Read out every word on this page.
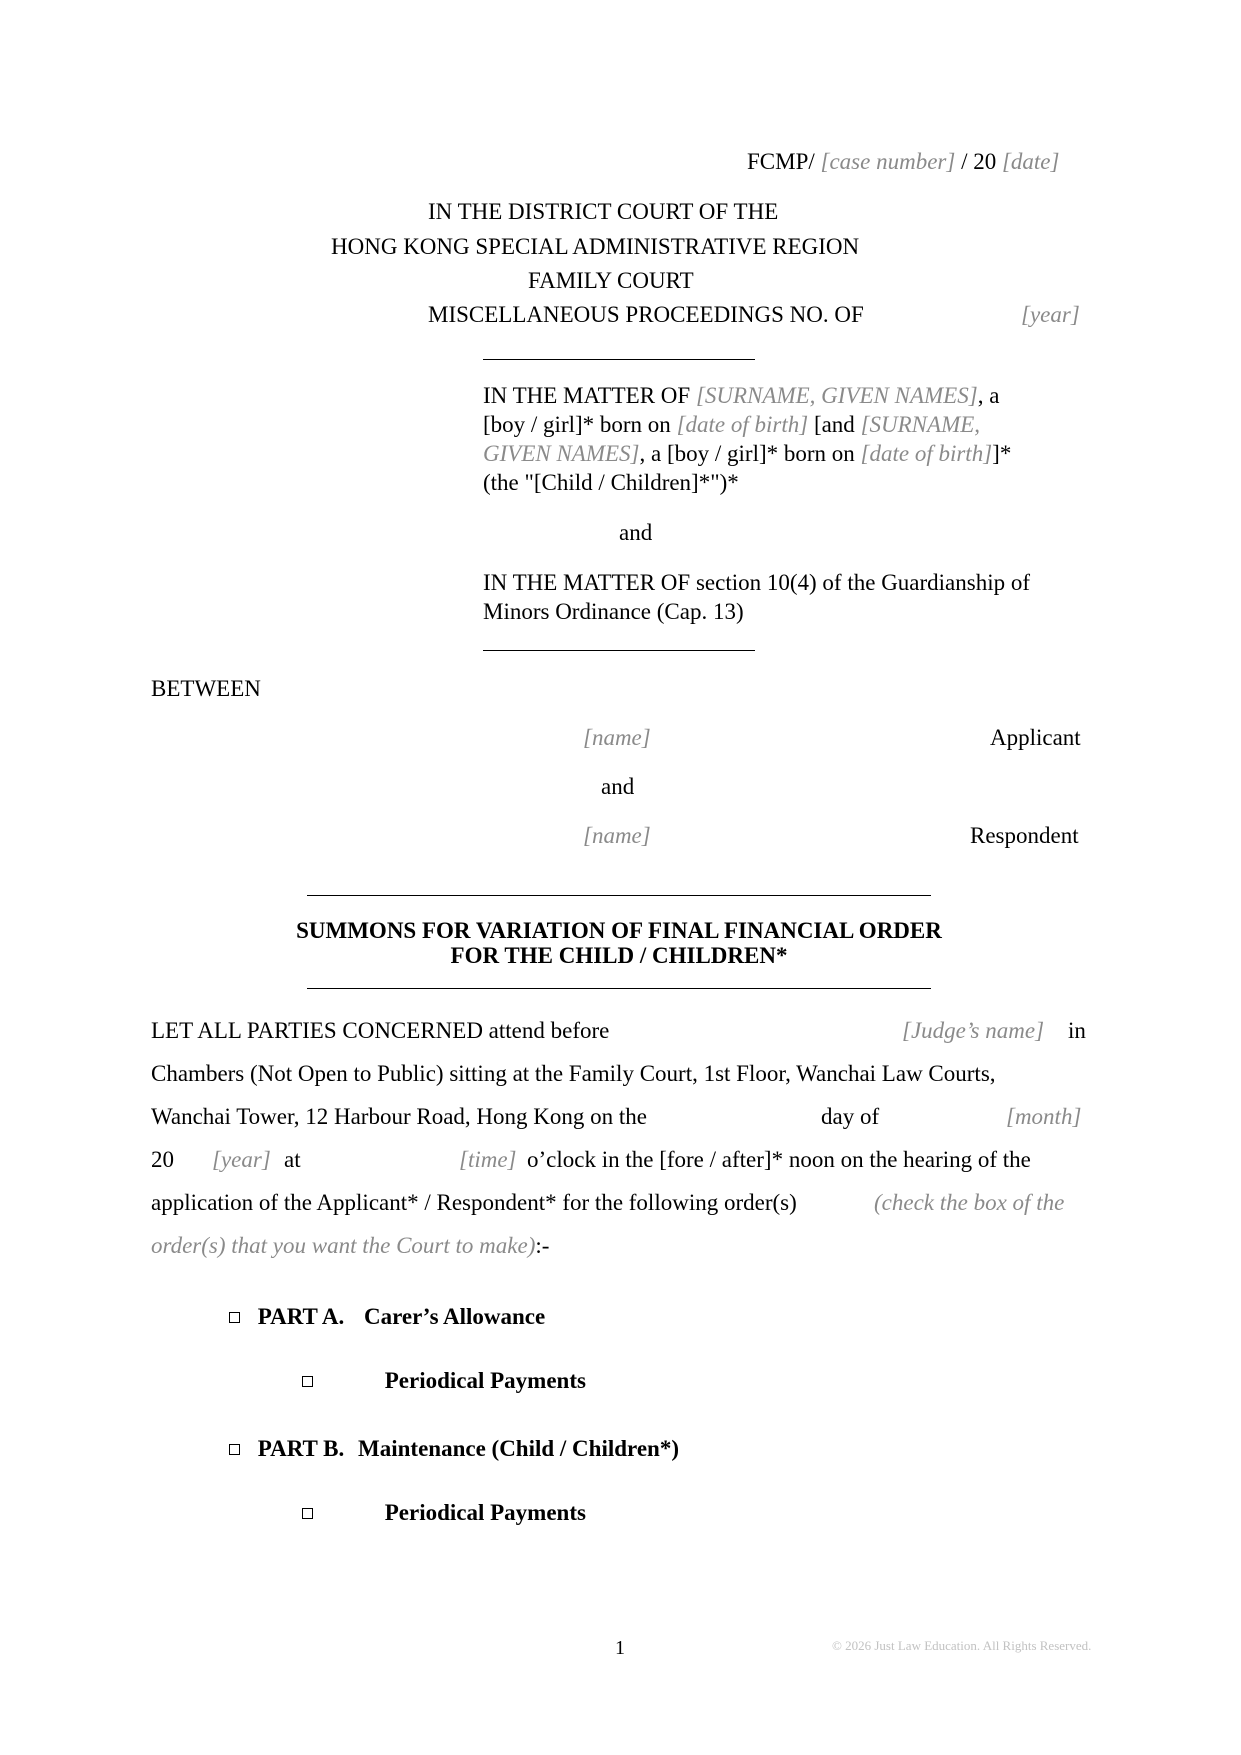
FCMP/ [case number] / 20 [date]
IN THE DISTRICT COURT OF THE
HONG KONG SPECIAL ADMINISTRATIVE REGION
FAMILY COURT
MISCELLANEOUS PROCEEDINGS NO. OF	[year]
IN THE MATTER OF [SURNAME, GIVEN NAMES], a
[boy / girl]* born on [date of birth] [and [SURNAME,
GIVEN NAMES], a [boy / girl]* born on [date of birth]]*
(the "[Child / Children]*")*
and
IN THE MATTER OF section 10(4) of the Guardianship of
Minors Ordinance (Cap. 13)
BETWEEN
[name]	Applicant
and
[name]	Respondent
SUMMONS FOR VARIATION OF FINAL FINANCIAL ORDER
FOR THE CHILD / CHILDREN*
LET ALL PARTIES CONCERNED attend before	[Judge’s name] in
Chambers (Not Open to Public) sitting at the Family Court, 1st Floor, Wanchai Law Courts,
Wanchai Tower, 12 Harbour Road, Hong Kong on the	day of	[month]
20 [year] at	[time] o’clock in the [fore / after]* noon on the hearing of the
application of the Applicant* / Respondent* for the following order(s)	(check the box of the
order(s) that you want the Court to make):-
PART A. Carer’s Allowance
Periodical Payments
PART B. Maintenance (Child / Children*)
Periodical Payments
1	© 2026 Just Law Education. All Rights Reserved.
